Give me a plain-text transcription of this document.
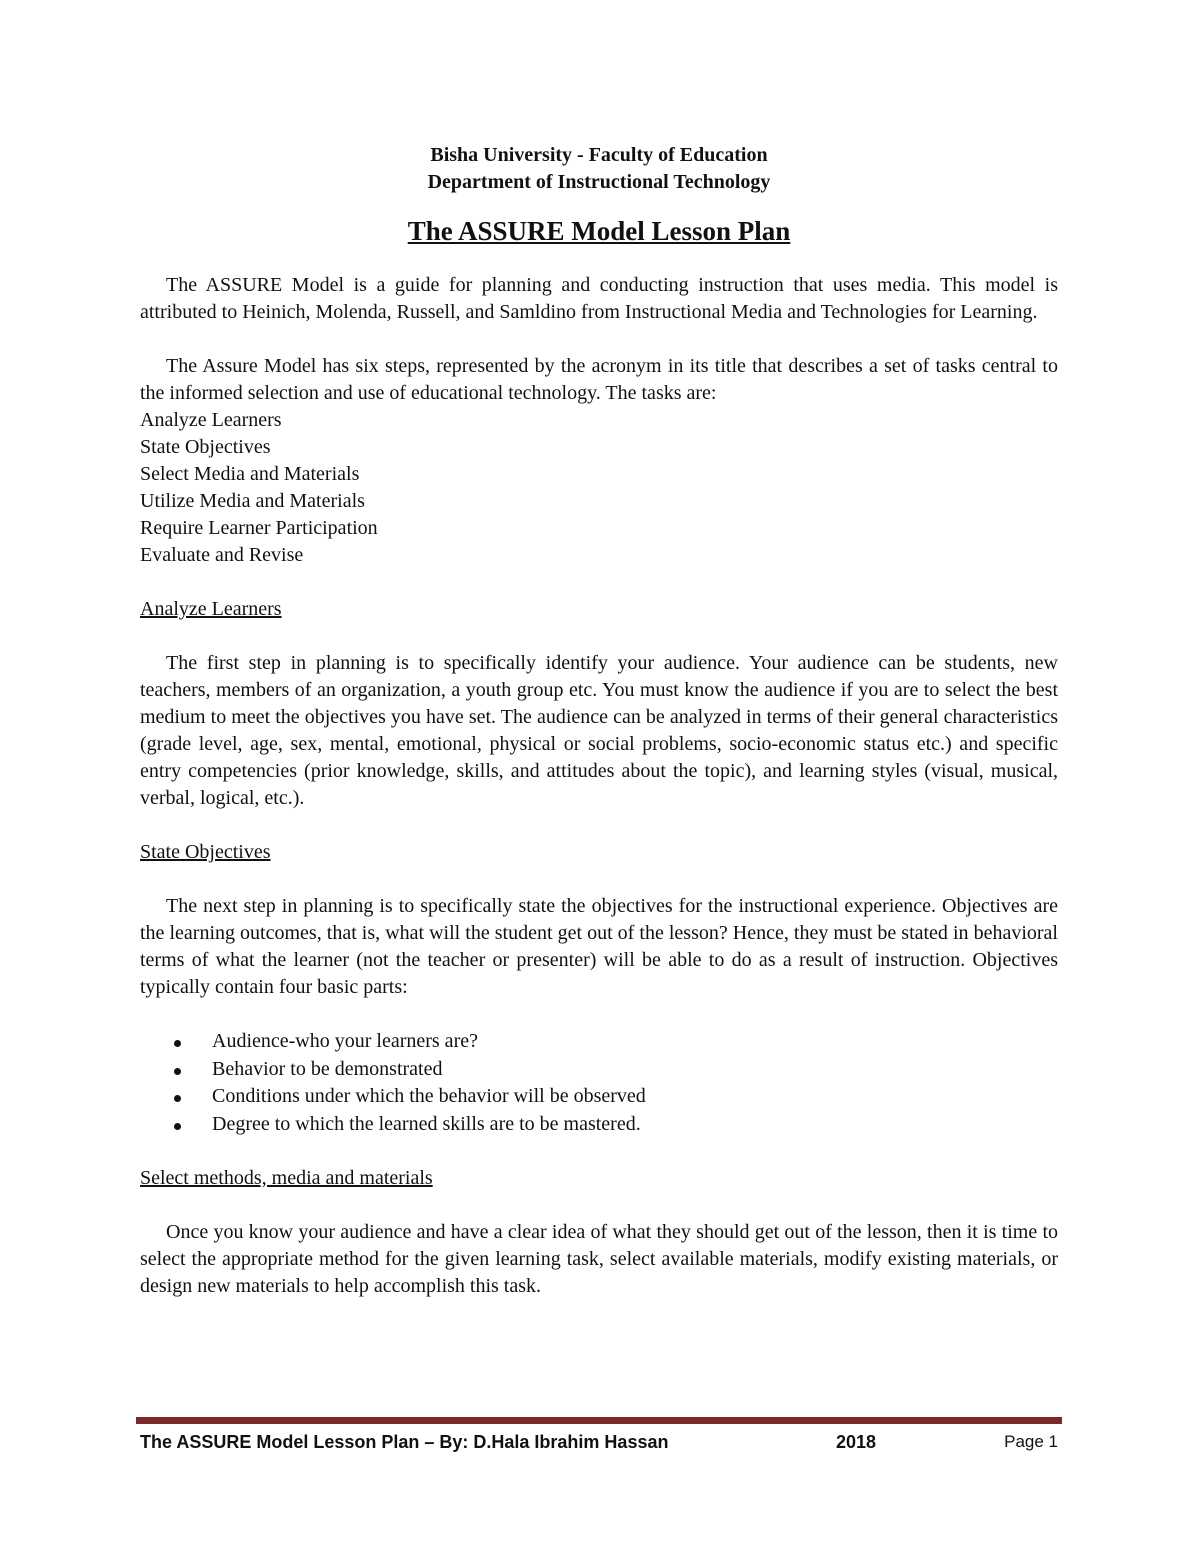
Bisha University - Faculty of Education

Department of Instructional Technology

The ASSURE Model Lesson Plan

The ASSURE Model is a guide for planning and conducting instruction that uses media. This model is attributed to Heinich, Molenda, Russell, and Samldino from Instructional Media and Technologies for Learning.

The Assure Model has six steps, represented by the acronym in its title that describes a set of tasks central to the informed selection and use of educational technology. The tasks are:

Analyze Learners
State Objectives
Select Media and Materials
Utilize Media and Materials
Require Learner Participation
Evaluate and Revise

Analyze Learners

The first step in planning is to specifically identify your audience. Your audience can be students, new teachers, members of an organization, a youth group etc. You must know the audience if you are to select the best medium to meet the objectives you have set. The audience can be analyzed in terms of their general characteristics (grade level, age, sex, mental, emotional, physical or social problems, socio-economic status etc.) and specific entry competencies (prior knowledge, skills, and attitudes about the topic), and learning styles (visual, musical, verbal, logical, etc.).

State Objectives

The next step in planning is to specifically state the objectives for the instructional experience. Objectives are the learning outcomes, that is, what will the student get out of the lesson? Hence, they must be stated in behavioral terms of what the learner (not the teacher or presenter) will be able to do as a result of instruction. Objectives typically contain four basic parts:

Audience-who your learners are?
Behavior to be demonstrated
Conditions under which the behavior will be observed
Degree to which the learned skills are to be mastered.

Select methods, media and materials

Once you know your audience and have a clear idea of what they should get out of the lesson, then it is time to select the appropriate method for the given learning task, select available materials, modify existing materials, or design new materials to help accomplish this task.

The ASSURE Model Lesson Plan – By: D.Hala Ibrahim Hassan	2018	Page 1
